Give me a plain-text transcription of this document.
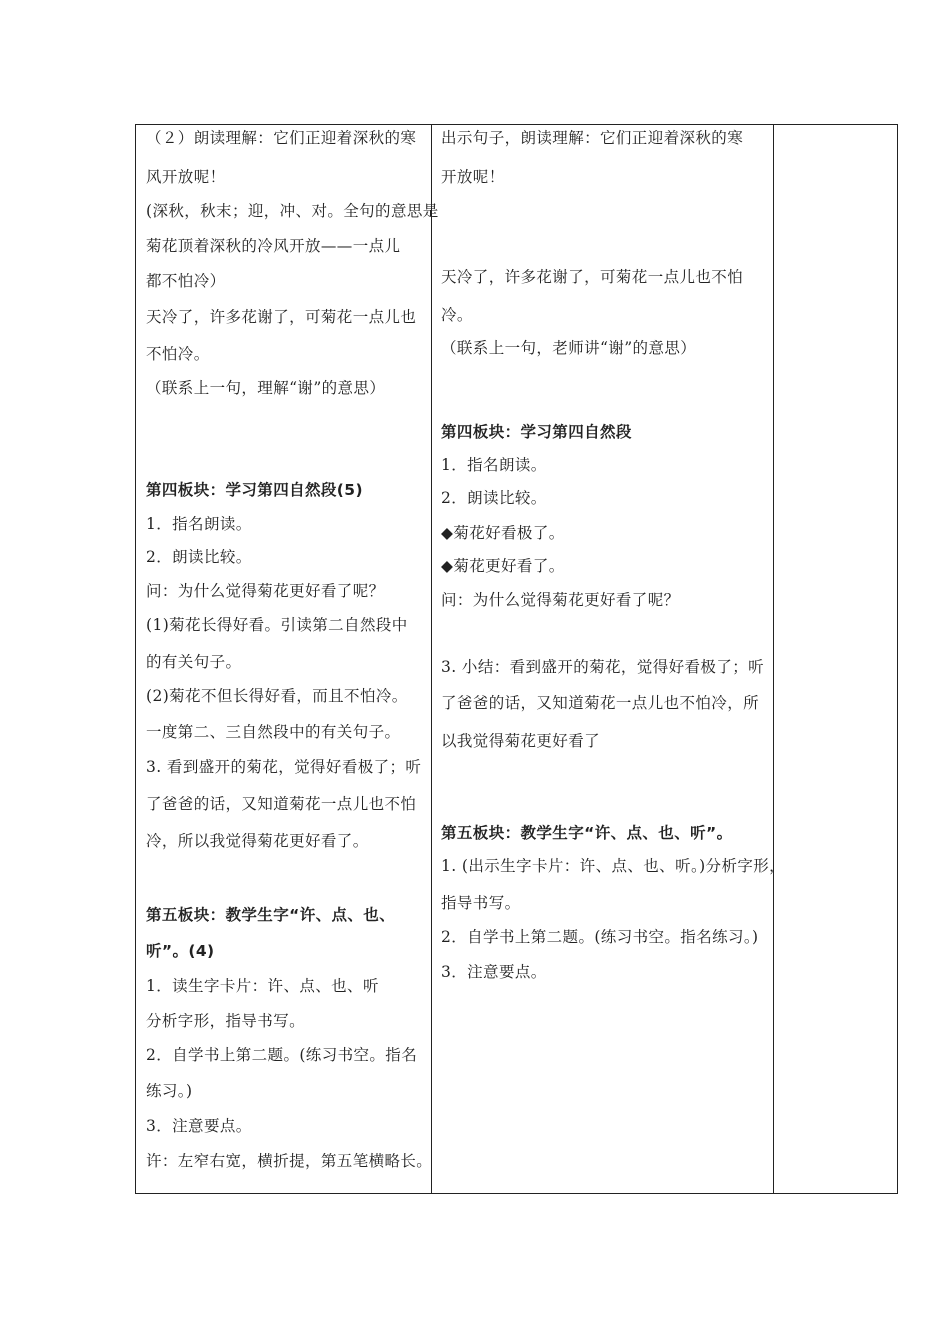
（２）朗读理解：它们正迎着深秋的寒
风开放呢！
(深秋，秋末；迎，冲、对。全句的意思是
菊花顶着深秋的冷风开放——一点儿
都不怕冷）
天冷了，许多花谢了，可菊花一点儿也
不怕冷。
（联系上一句，理解“谢”的意思）
第四板块：学习第四自然段(5)
1．指名朗读。
2．朗读比较。
问：为什么觉得菊花更好看了呢？
(1)菊花长得好看。引读第二自然段中
的有关句子。
(2)菊花不但长得好看，而且不怕冷。
一度第二、三自然段中的有关句子。
3. 看到盛开的菊花，觉得好看极了；听
了爸爸的话，又知道菊花一点儿也不怕
冷，所以我觉得菊花更好看了。
第五板块：教学生字“许、点、也、
听”。(4)
1．读生字卡片：许、点、也、听
分析字形，指导书写。
2．自学书上第二题。(练习书空。指名
练习。)
3．注意要点。
许：左窄右宽，横折提，第五笔横略长。
出示句子，朗读理解：它们正迎着深秋的寒
开放呢！
天冷了，许多花谢了，可菊花一点儿也不怕
冷。
（联系上一句，老师讲“谢”的意思）
第四板块：学习第四自然段
1．指名朗读。
2．朗读比较。
◆菊花好看极了。
◆菊花更好看了。
问：为什么觉得菊花更好看了呢？
3. 小结：看到盛开的菊花，觉得好看极了；听
了爸爸的话，又知道菊花一点儿也不怕冷，所
以我觉得菊花更好看了
第五板块：教学生字“许、点、也、听”。
1. (出示生字卡片：许、点、也、听。)分析字形，
指导书写。
2．自学书上第二题。(练习书空。指名练习。)
3．注意要点。
